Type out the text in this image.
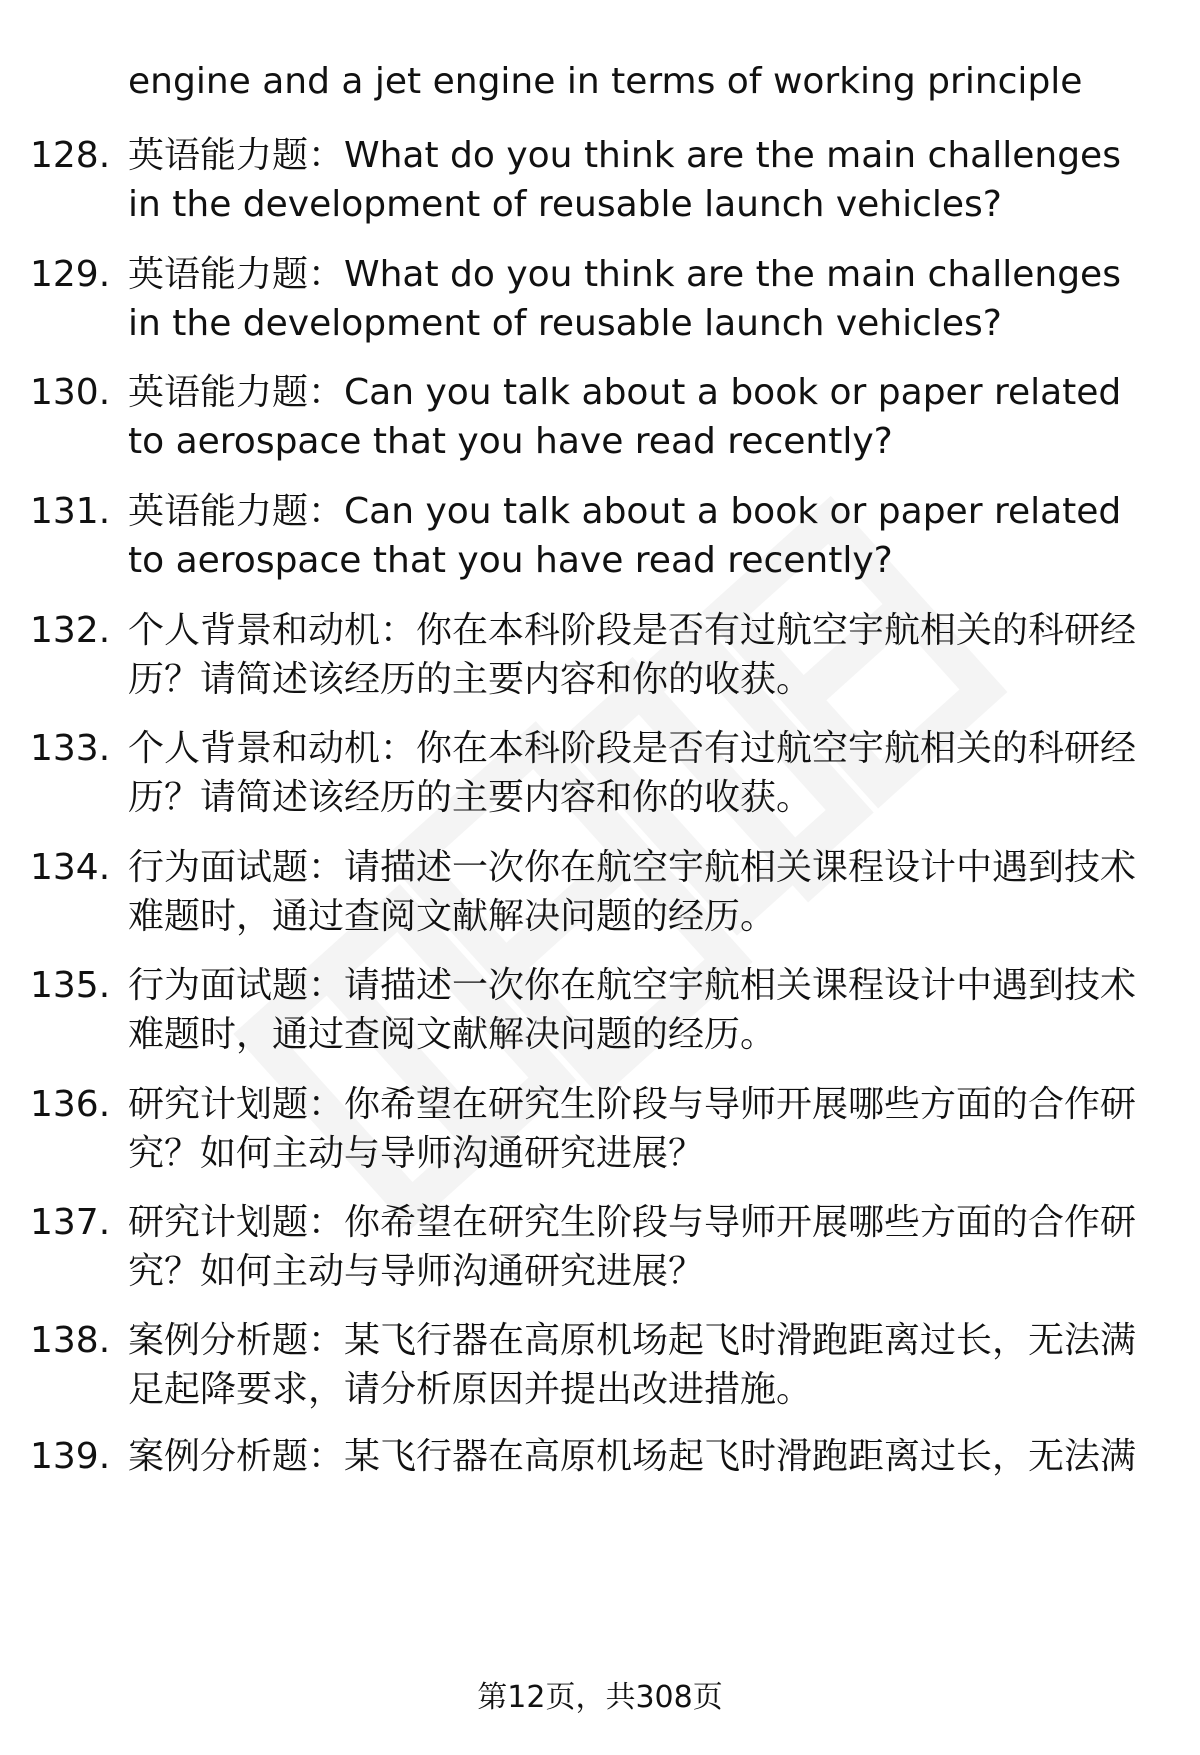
engine and a jet engine in terms of working principle
128. 英语能力题：What do you think are the main challenges in the development of reusable launch vehicles?
129. 英语能力题：What do you think are the main challenges in the development of reusable launch vehicles?
130. 英语能力题：Can you talk about a book or paper related to aerospace that you have read recently?
131. 英语能力题：Can you talk about a book or paper related to aerospace that you have read recently?
132. 个人背景和动机：你在本科阶段是否有过航空宇航相关的科研经历？请简述该经历的主要内容和你的收获。
133. 个人背景和动机：你在本科阶段是否有过航空宇航相关的科研经历？请简述该经历的主要内容和你的收获。
134. 行为面试题：请描述一次你在航空宇航相关课程设计中遇到技术难题时，通过查阅文献解决问题的经历。
135. 行为面试题：请描述一次你在航空宇航相关课程设计中遇到技术难题时，通过查阅文献解决问题的经历。
136. 研究计划题：你希望在研究生阶段与导师开展哪些方面的合作研究？如何主动与导师沟通研究进展？
137. 研究计划题：你希望在研究生阶段与导师开展哪些方面的合作研究？如何主动与导师沟通研究进展？
138. 案例分析题：某飞行器在高原机场起飞时滑跑距离过长，无法满足起降要求，请分析原因并提出改进措施。
139. 案例分析题：某飞行器在高原机场起飞时滑跑距离过长，无法满
第12页，共308页
